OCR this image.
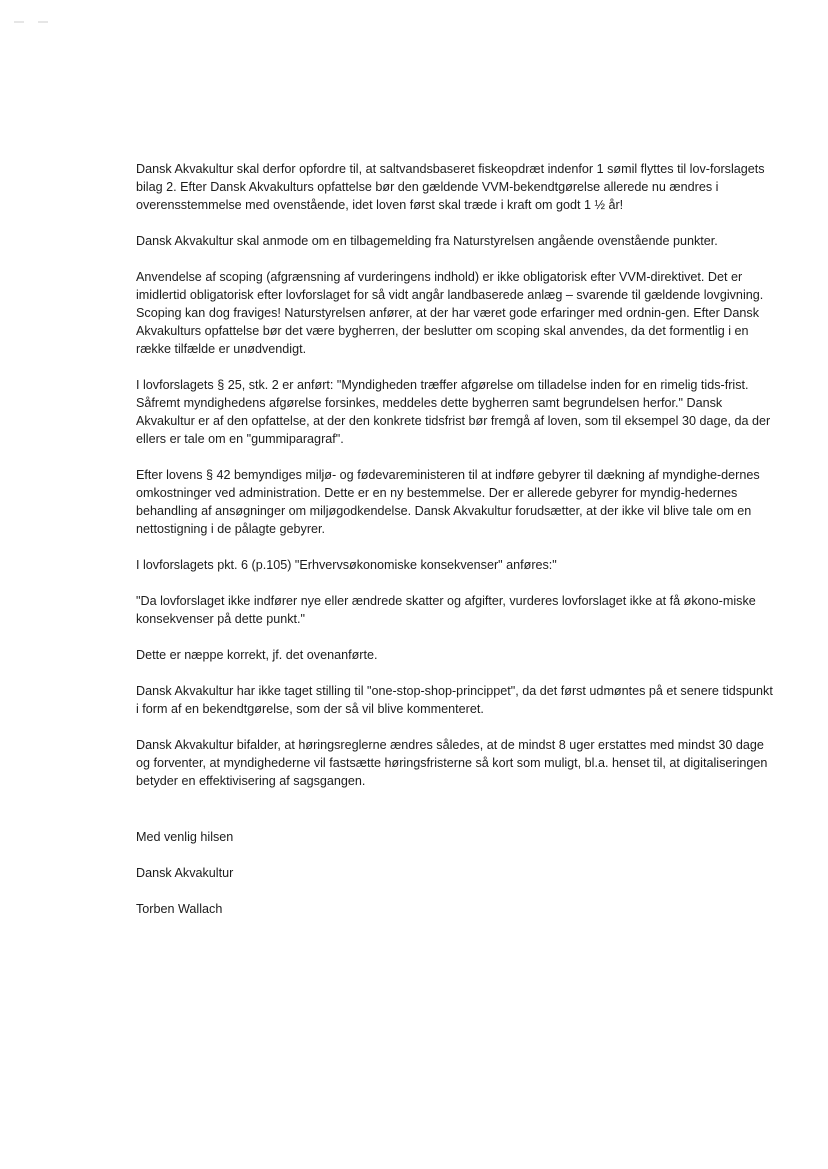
Dansk Akvakultur skal derfor opfordre til, at saltvandsbaseret fiskeopdræt indenfor 1 sømil flyttes til lov-forslagets bilag 2. Efter Dansk Akvakulturs opfattelse bør den gældende VVM-bekendtgørelse allerede nu ændres i overensstemmelse med ovenstående, idet loven først skal træde i kraft om godt 1 ½ år!

Dansk Akvakultur skal anmode om en tilbagemelding fra Naturstyrelsen angående ovenstående punkter.

Anvendelse af scoping (afgrænsning af vurderingens indhold) er ikke obligatorisk efter VVM-direktivet. Det er imidlertid obligatorisk efter lovforslaget for så vidt angår landbaserede anlæg – svarende til gældende lovgivning. Scoping kan dog fraviges! Naturstyrelsen anfører, at der har været gode erfaringer med ordnin-gen. Efter Dansk Akvakulturs opfattelse bør det være bygherren, der beslutter om scoping skal anvendes, da det formentlig i en række tilfælde er unødvendigt.

I lovforslagets § 25, stk. 2 er anført: "Myndigheden træffer afgørelse om tilladelse inden for en rimelig tids-frist. Såfremt myndighedens afgørelse forsinkes, meddeles dette bygherren samt begrundelsen herfor." Dansk Akvakultur er af den opfattelse, at der den konkrete tidsfrist bør fremgå af loven, som til eksempel 30 dage, da der ellers er tale om en "gummiparagraf".

Efter lovens § 42 bemyndiges miljø- og fødevareministeren til at indføre gebyrer til dækning af myndighe-dernes omkostninger ved administration. Dette er en ny bestemmelse. Der er allerede gebyrer for myndig-hedernes behandling af ansøgninger om miljøgodkendelse. Dansk Akvakultur forudsætter, at der ikke vil blive tale om en nettostigning i de pålagte gebyrer.

I lovforslagets pkt. 6 (p.105) "Erhvervsøkonomiske konsekvenser" anføres:"

"Da lovforslaget ikke indfører nye eller ændrede skatter og afgifter, vurderes lovforslaget ikke at få økono-miske konsekvenser på dette punkt."

Dette er næppe korrekt, jf. det ovenanførte.

Dansk Akvakultur har ikke taget stilling til "one-stop-shop-princippet", da det først udmøntes på et senere tidspunkt i form af en bekendtgørelse, som der så vil blive kommenteret.

Dansk Akvakultur bifalder, at høringsreglerne ændres således, at de mindst 8 uger erstattes med mindst 30 dage og forventer, at myndighederne vil fastsætte høringsfristerne så kort som muligt, bl.a. henset til, at digitaliseringen betyder en effektivisering af sagsgangen.

Med venlig hilsen

Dansk Akvakultur

Torben Wallach
